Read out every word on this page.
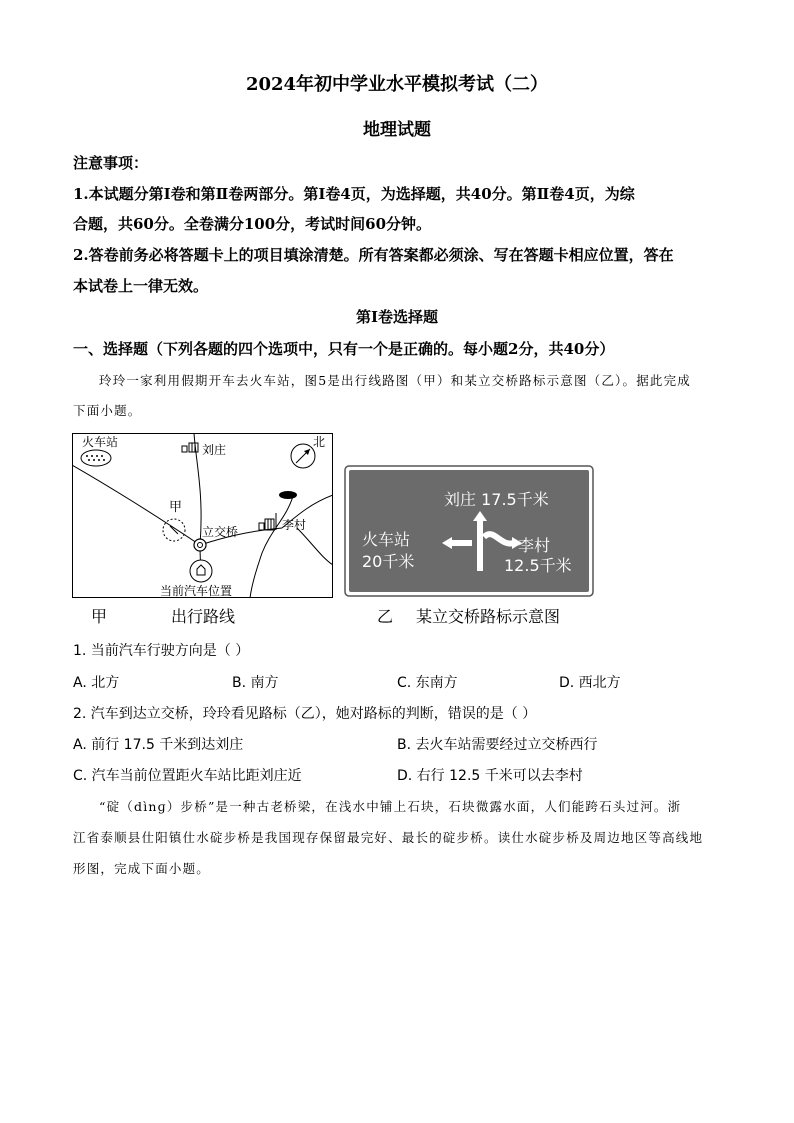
2024年初中学业水平模拟考试（二）
地理试题
注意事项：
1.本试题分第Ⅰ卷和第Ⅱ卷两部分。第Ⅰ卷4页，为选择题，共40分。第Ⅱ卷4页，为综
合题，共60分。全卷满分100分，考试时间60分钟。
2.答卷前务必将答题卡上的项目填涂清楚。所有答案都必须涂、写在答题卡相应位置，答在
本试卷上一律无效。
第Ⅰ卷选择题
一、选择题（下列各题的四个选项中，只有一个是正确的。每小题2分，共40分）
玲玲一家利用假期开车去火车站，图5是出行线路图（甲）和某立交桥路标示意图（乙）。据此完成
下面小题。
火车站
刘庄
北
甲
立交桥	李村
当前汽车位置
刘庄 17.5千米
火车站
20千米
李村
12.5千米
甲	出行路线	乙 某立交桥路标示意图
1. 当前汽车行驶方向是（ ）
A. 北方	B. 南方	C. 东南方	D. 西北方
2. 汽车到达立交桥，玲玲看见路标（乙），她对路标的判断，错误的是（ ）
A. 前行 17.5 千米到达刘庄	B. 去火车站需要经过立交桥西行
C. 汽车当前位置距火车站比距刘庄近	D. 右行 12.5 千米可以去李村
“碇（dìnɡ）步桥”是一种古老桥梁，在浅水中铺上石块，石块微露水面，人们能跨石头过河。浙
江省泰顺县仕阳镇仕水碇步桥是我国现存保留最完好、最长的碇步桥。读仕水碇步桥及周边地区等高线地
形图，完成下面小题。
